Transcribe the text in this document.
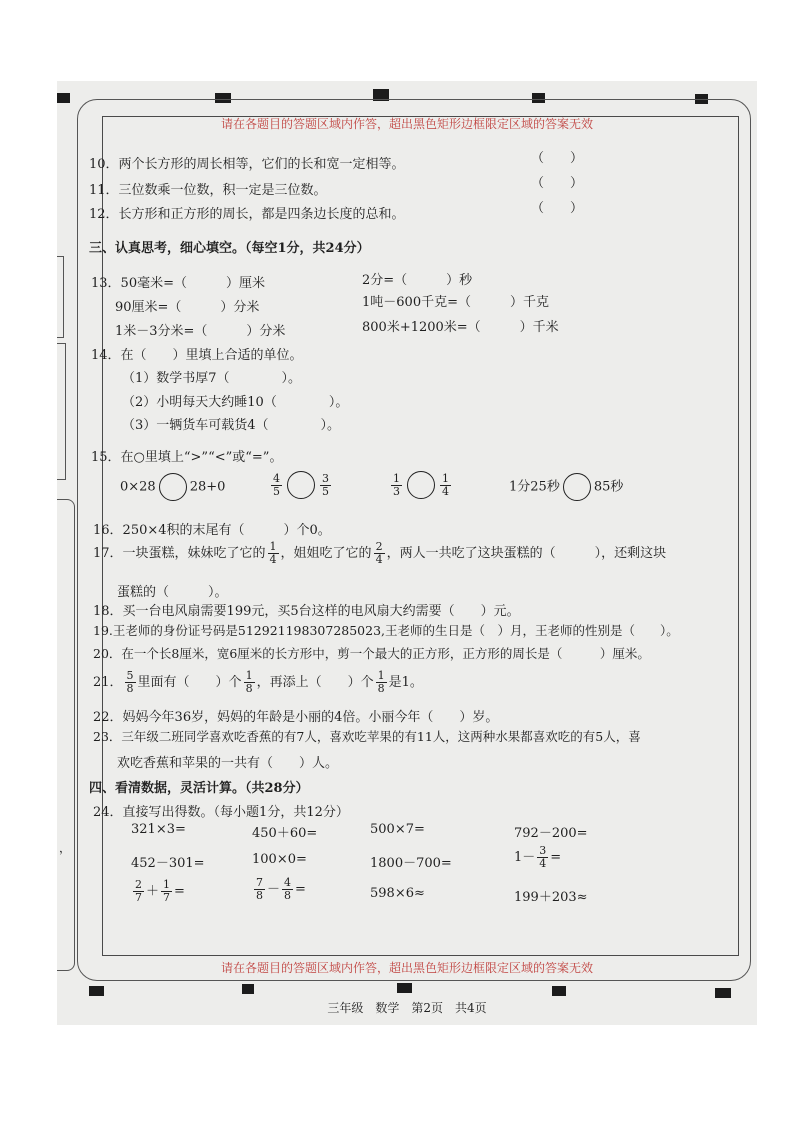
，
请在各题目的答题区域内作答，超出黑色矩形边框限定区域的答案无效
10．两个长方形的周长相等，它们的长和宽一定相等。	（　　）
11．三位数乘一位数，积一定是三位数。	（　　）
12．长方形和正方形的周长，都是四条边长度的总和。	（　　）
三、认真思考，细心填空。（每空1分，共24分）
13．50毫米=（　　　）厘米	2分=（　　　）秒
90厘米=（　　　）分米	1吨－600千克=（　　　）千克
1米－3分米=（　　　）分米	800米+1200米=（　　　）千米
14．在（　　）里填上合适的单位。
（1）数学书厚7（　　　　）。
（2）小明每天大约睡10（　　　　）。
（3）一辆货车可载货4（　　　　）。
15．在○里填上“>”“<”或“=”。
0×28	28+0	$\frac{4}{5}$	$\frac{3}{5}$	$\frac{1}{3}$	$\frac{1}{4}$	1分25秒	85秒
16．250×4积的末尾有（　　　）个0。
17．一块蛋糕，妹妹吃了它的 $\frac{1}{4}$ ，姐姐吃了它的 $\frac{2}{4}$ ，两人一共吃了这块蛋糕的（　　　），还剩这块
蛋糕的（　　　）。
18．买一台电风扇需要199元，买5台这样的电风扇大约需要（　　）元。
19.王老师的身份证号码是512921198307285023,王老师的生日是（　）月，王老师的性别是（　　）。
20．在一个长8厘米，宽6厘米的长方形中，剪一个最大的正方形，正方形的周长是（　　　）厘米。
21． $\frac{5}{8}$ 里面有（　　）个 $\frac{1}{8}$ ，再添上（　　）个 $\frac{1}{8}$ 是1。
22．妈妈今年36岁，妈妈的年龄是小丽的4倍。小丽今年（　　）岁。
23．三年级二班同学喜欢吃香蕉的有7人，喜欢吃苹果的有11人，这两种水果都喜欢吃的有5人，喜
欢吃香蕉和苹果的一共有（　　）人。
四、看清数据，灵活计算。（共28分）
24．直接写出得数。（每小题1分，共12分）
321×3=	450＋60=	500×7=	792－200=
452－301=	100×0=	1800－700=	$1- \frac{3}{4}$ =
$\frac{2}{7} + \frac{1}{7}$ =	$\frac{7}{8} - \frac{4}{8}$ =	598×6≈	199＋203≈
请在各题目的答题区域内作答，超出黑色矩形边框限定区域的答案无效
三年级　数学　第2页　共4页
